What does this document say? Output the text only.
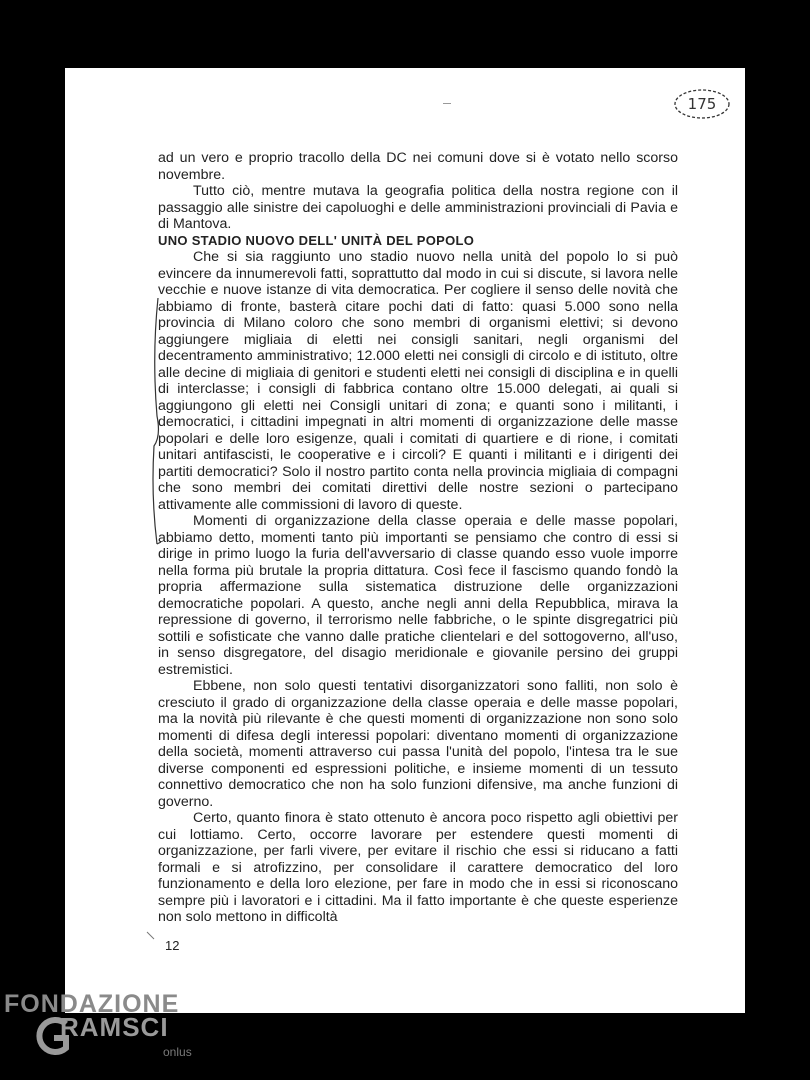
175

ad un vero e proprio tracollo della DC nei comuni dove si è votato nello scorso novembre.

Tutto ciò, mentre mutava la geografia politica della nostra regione con il passaggio alle sinistre dei capoluoghi e delle amministrazioni provinciali di Pavia e di Mantova.

UNO STADIO NUOVO DELL' UNITÀ DEL POPOLO

Che si sia raggiunto uno stadio nuovo nella unità del popolo lo si può evincere da innumerevoli fatti, soprattutto dal modo in cui si discute, si lavora nelle vecchie e nuove istanze di vita democratica. Per cogliere il senso delle novità che abbiamo di fronte, basterà citare pochi dati di fatto: quasi 5.000 sono nella provincia di Milano coloro che sono membri di organismi elettivi; si devono aggiungere migliaia di eletti nei consigli sanitari, negli organismi del decentramento amministrativo; 12.000 eletti nei consigli di circolo e di istituto, oltre alle decine di migliaia di genitori e studenti eletti nei consigli di disciplina e in quelli di interclasse; i consigli di fabbrica contano oltre 15.000 delegati, ai quali si aggiungono gli eletti nei Consigli unitari di zona; e quanti sono i militanti, i democratici, i cittadini impegnati in altri momenti di organizzazione delle masse popolari e delle loro esigenze, quali i comitati di quartiere e di rione, i comitati unitari antifascisti, le cooperative e i circoli? E quanti i militanti e i dirigenti dei partiti democratici? Solo il nostro partito conta nella provincia migliaia di compagni che sono membri dei comitati direttivi delle nostre sezioni o partecipano attivamente alle commissioni di lavoro di queste.

Momenti di organizzazione della classe operaia e delle masse popolari, abbiamo detto, momenti tanto più importanti se pensiamo che contro di essi si dirige in primo luogo la furia dell'avversario di classe quando esso vuole imporre nella forma più brutale la propria dittatura. Così fece il fascismo quando fondò la propria affermazione sulla sistematica distruzione delle organizzazioni democratiche popolari. A questo, anche negli anni della Repubblica, mirava la repressione di governo, il terrorismo nelle fabbriche, o le spinte disgregatrici più sottili e sofisticate che vanno dalle pratiche clientelari e del sottogoverno, all'uso, in senso disgregatore, del disagio meridionale e giovanile persino dei gruppi estremistici.

Ebbene, non solo questi tentativi disorganizzatori sono falliti, non solo è cresciuto il grado di organizzazione della classe operaia e delle masse popolari, ma la novità più rilevante è che questi momenti di organizzazione non sono solo momenti di difesa degli interessi popolari: diventano momenti di organizzazione della società, momenti attraverso cui passa l'unità del popolo, l'intesa tra le sue diverse componenti ed espressioni politiche, e insieme momenti di un tessuto connettivo democratico che non ha solo funzioni difensive, ma anche funzioni di governo.

Certo, quanto finora è stato ottenuto è ancora poco rispetto agli obiettivi per cui lottiamo. Certo, occorre lavorare per estendere questi momenti di organizzazione, per farli vivere, per evitare il rischio che essi si riducano a fatti formali e si atrofizzino, per consolidare il carattere democratico del loro funzionamento e della loro elezione, per fare in modo che in essi si riconoscano sempre più i lavoratori e i cittadini. Ma il fatto importante è che queste esperienze non solo mettono in difficoltà

12
FONDAZIONE
RAMSCI
onlus
